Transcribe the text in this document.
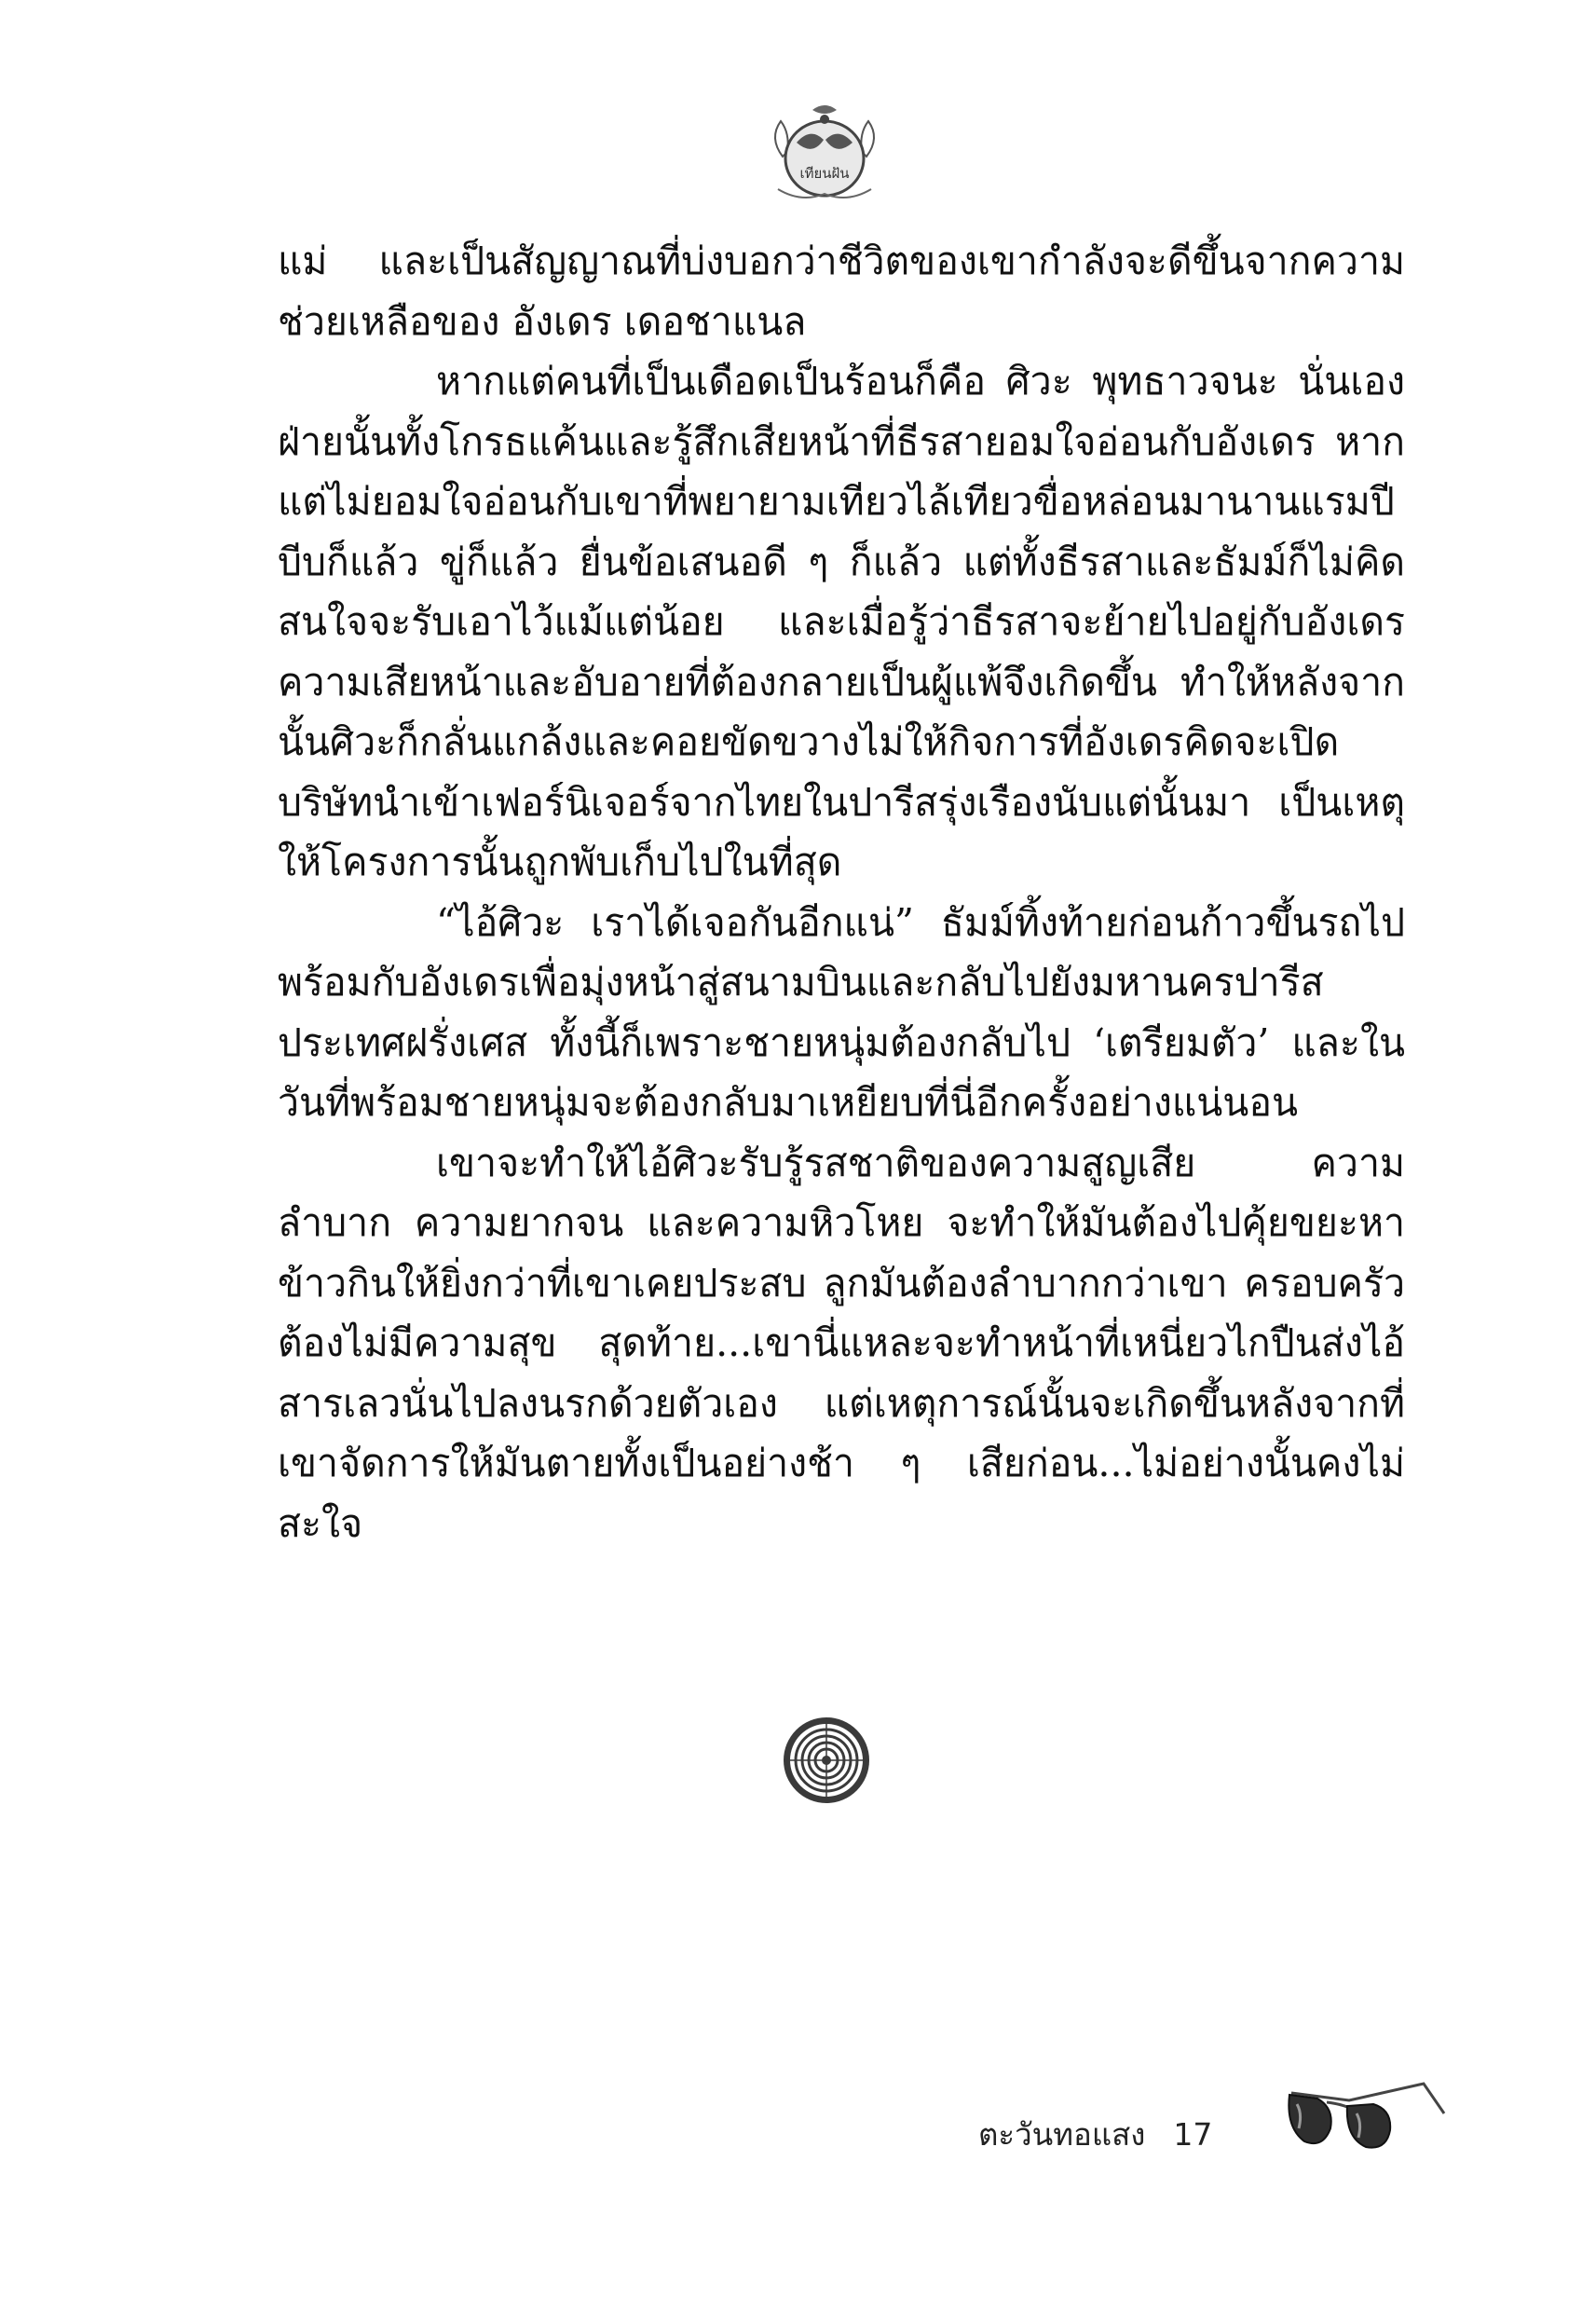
เทียนฝัน

แม่ และเป็นสัญญาณที่บ่งบอกว่าชีวิตของเขากำลังจะดีขึ้นจากความช่วยเหลือของ อังเดร เดอชาแนล

หากแต่คนที่เป็นเดือดเป็นร้อนก็คือ ศิวะ พุทธาวจนะ นั่นเอง ฝ่ายนั้นทั้งโกรธแค้นและรู้สึกเสียหน้าที่ธีรสายอมใจอ่อนกับอังเดร หากแต่ไม่ยอมใจอ่อนกับเขาที่พยายามเทียวไล้เทียวขื่อหล่อนมานานแรมปี บีบก็แล้ว ขู่ก็แล้ว ยื่นข้อเสนอดี ๆ ก็แล้ว แต่ทั้งธีรสาและธัมม์ก็ไม่คิดสนใจจะรับเอาไว้แม้แต่น้อย และเมื่อรู้ว่าธีรสาจะย้ายไปอยู่กับอังเดร ความเสียหน้าและอับอายที่ต้องกลายเป็นผู้แพ้จึงเกิดขึ้น ทำให้หลังจากนั้นศิวะก็กลั่นแกล้งและคอยขัดขวางไม่ให้กิจการที่อังเดรคิดจะเปิดบริษัทนำเข้าเฟอร์นิเจอร์จากไทยในปารีสรุ่งเรืองนับแต่นั้นมา เป็นเหตุให้โครงการนั้นถูกพับเก็บไปในที่สุด

“ไอ้ศิวะ เราได้เจอกันอีกแน่” ธัมม์ทิ้งท้ายก่อนก้าวขึ้นรถไปพร้อมกับอังเดรเพื่อมุ่งหน้าสู่สนามบินและกลับไปยังมหานครปารีส ประเทศฝรั่งเศส ทั้งนี้ก็เพราะชายหนุ่มต้องกลับไป ‘เตรียมตัว’ และในวันที่พร้อมชายหนุ่มจะต้องกลับมาเหยียบที่นี่อีกครั้งอย่างแน่นอน

เขาจะทำให้ไอ้ศิวะรับรู้รสชาติของความสูญเสีย ความลำบาก ความยากจน และความหิวโหย จะทำให้มันต้องไปคุ้ยขยะหาข้าวกินให้ยิ่งกว่าที่เขาเคยประสบ ลูกมันต้องลำบากกว่าเขา ครอบครัวต้องไม่มีความสุข สุดท้าย...เขานี่แหละจะทำหน้าที่เหนี่ยวไกปืนส่งไอ้สารเลวนั่นไปลงนรกด้วยตัวเอง แต่เหตุการณ์นั้นจะเกิดขึ้นหลังจากที่เขาจัดการให้มันตายทั้งเป็นอย่างช้า ๆ เสียก่อน...ไม่อย่างนั้นคงไม่สะใจ

ตะวันทอแสง 17
